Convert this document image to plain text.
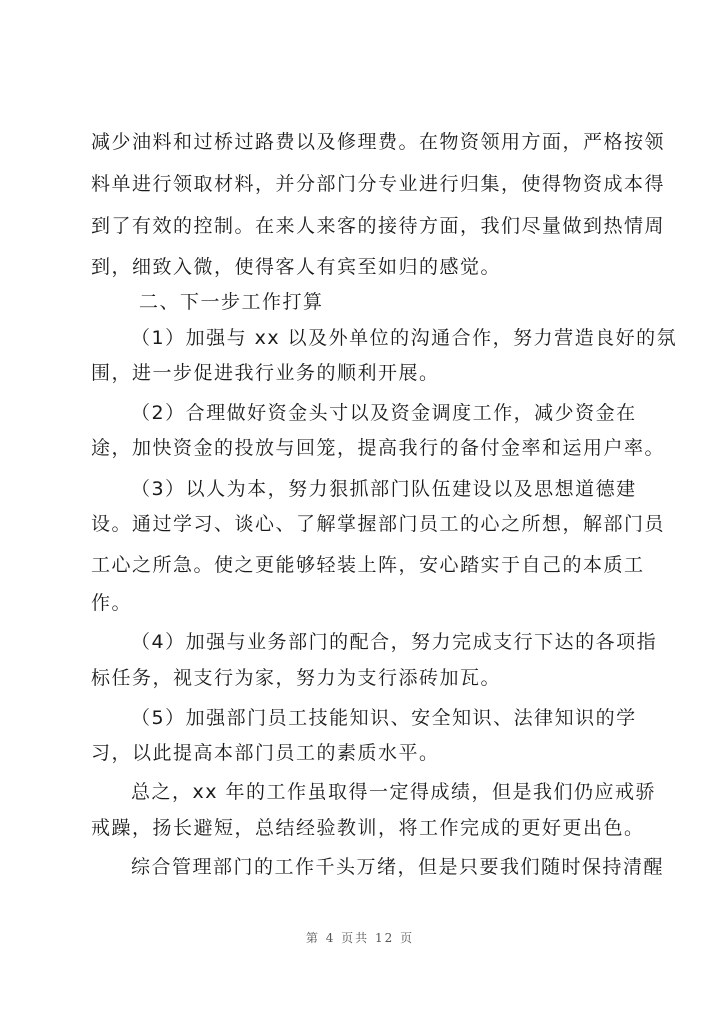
减少油料和过桥过路费以及修理费。在物资领用方面，严格按领
料单进行领取材料，并分部门分专业进行归集，使得物资成本得
到了有效的控制。在来人来客的接待方面，我们尽量做到热情周
到，细致入微，使得客人有宾至如归的感觉。
二、下一步工作打算
（1）加强与 xx 以及外单位的沟通合作，努力营造良好的氛
围，进一步促进我行业务的顺利开展。
（2）合理做好资金头寸以及资金调度工作，减少资金在
途，加快资金的投放与回笼，提高我行的备付金率和运用户率。
（3）以人为本，努力狠抓部门队伍建设以及思想道德建
设。通过学习、谈心、了解掌握部门员工的心之所想，解部门员
工心之所急。使之更能够轻装上阵，安心踏实于自己的本质工
作。
（4）加强与业务部门的配合，努力完成支行下达的各项指
标任务，视支行为家，努力为支行添砖加瓦。
（5）加强部门员工技能知识、安全知识、法律知识的学
习，以此提高本部门员工的素质水平。
总之，xx 年的工作虽取得一定得成绩，但是我们仍应戒骄
戒躁，扬长避短，总结经验教训，将工作完成的更好更出色。
综合管理部门的工作千头万绪，但是只要我们随时保持清醒
第 4 页共 12 页
